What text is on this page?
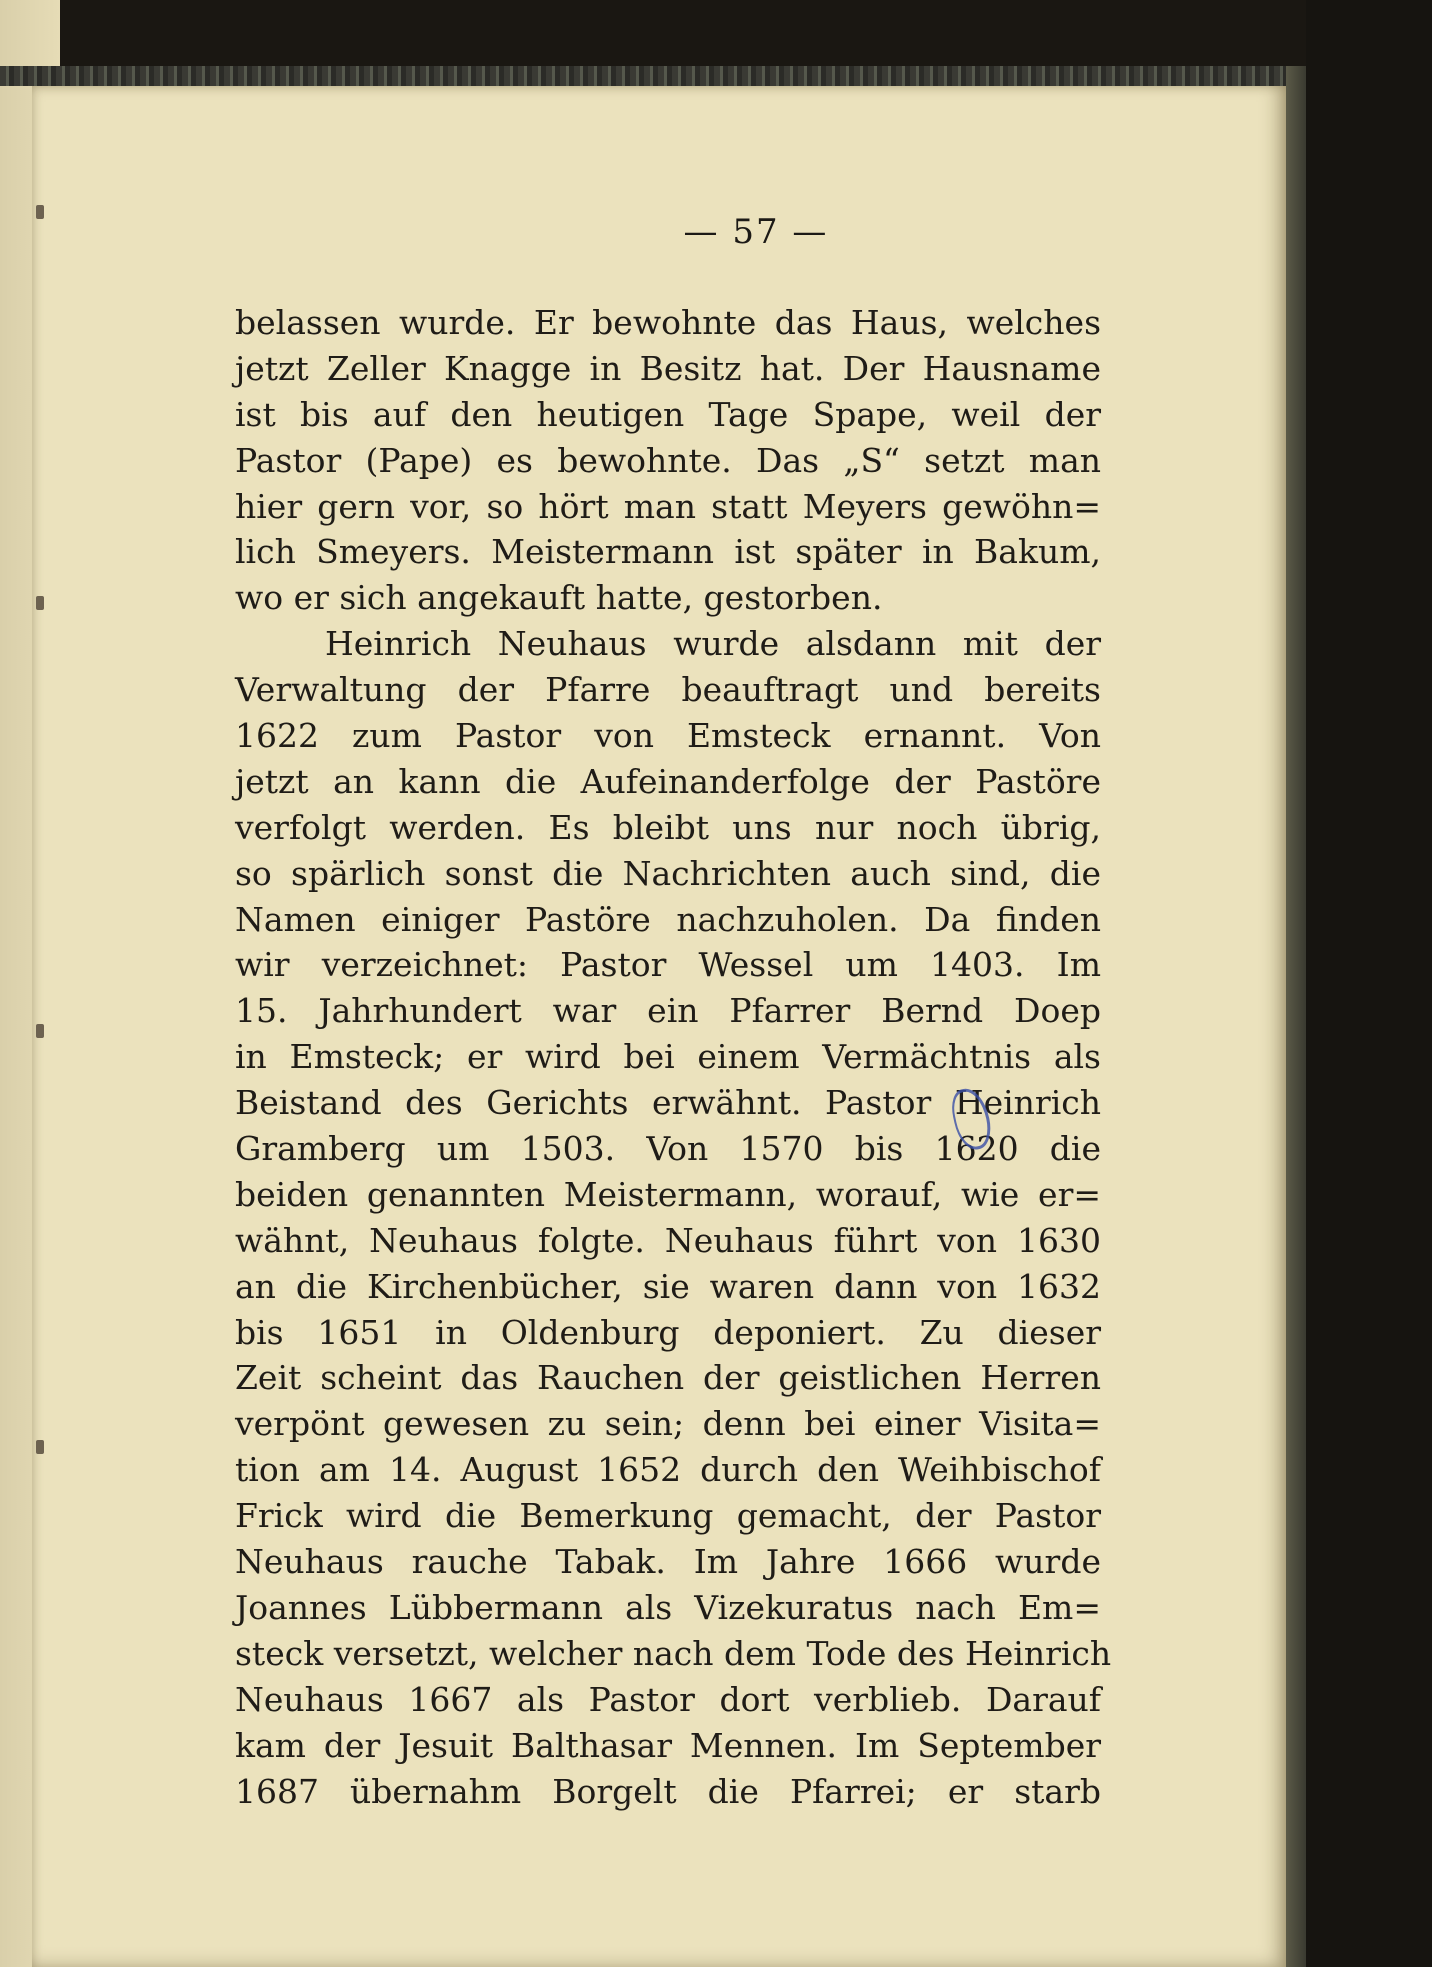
— 57 —
belassen wurde. Er bewohnte das Haus, welches
jetzt Zeller Knagge in Besitz hat. Der Hausname
ist bis auf den heutigen Tage Spape, weil der
Pastor (Pape) es bewohnte. Das „S“ setzt man
hier gern vor, so hört man statt Meyers gewöhn=
lich Smeyers. Meistermann ist später in Bakum,
wo er sich angekauft hatte, gestorben.
Heinrich Neuhaus wurde alsdann mit der
Verwaltung der Pfarre beauftragt und bereits
1622 zum Pastor von Emsteck ernannt. Von
jetzt an kann die Aufeinanderfolge der Pastöre
verfolgt werden. Es bleibt uns nur noch übrig,
so spärlich sonst die Nachrichten auch sind, die
Namen einiger Pastöre nachzuholen. Da finden
wir verzeichnet: Pastor Wessel um 1403. Im
15. Jahrhundert war ein Pfarrer Bernd Doep
in Emsteck; er wird bei einem Vermächtnis als
Beistand des Gerichts erwähnt. Pastor Heinrich
Gramberg um 1503. Von 1570 bis 1620 die
beiden genannten Meistermann, worauf, wie er=
wähnt, Neuhaus folgte. Neuhaus führt von 1630
an die Kirchenbücher, sie waren dann von 1632
bis 1651 in Oldenburg deponiert. Zu dieser
Zeit scheint das Rauchen der geistlichen Herren
verpönt gewesen zu sein; denn bei einer Visita=
tion am 14. August 1652 durch den Weihbischof
Frick wird die Bemerkung gemacht, der Pastor
Neuhaus rauche Tabak. Im Jahre 1666 wurde
Joannes Lübbermann als Vizekuratus nach Em=
steck versetzt, welcher nach dem Tode des Heinrich
Neuhaus 1667 als Pastor dort verblieb. Darauf
kam der Jesuit Balthasar Mennen. Im September
1687 übernahm Borgelt die Pfarrei; er starb
